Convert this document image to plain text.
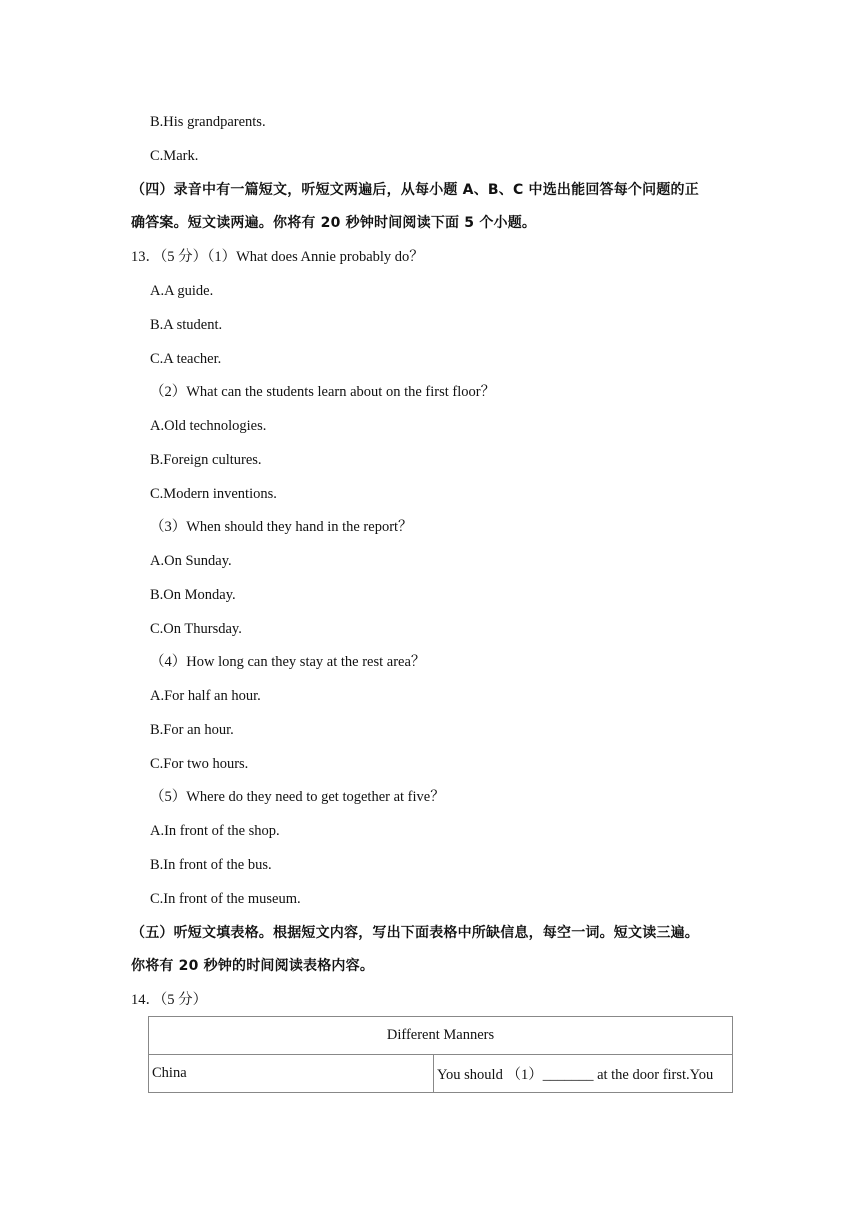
B.His grandparents.
C.Mark.
（四）录音中有一篇短文，听短文两遍后，从每小题 A、B、C 中选出能回答每个问题的正
确答案。短文读两遍。你将有 20 秒钟时间阅读下面 5 个小题。
13．（5 分）（1）What does Annie probably do？
A.A guide.
B.A student.
C.A teacher.
（2）What can the students learn about on the first floor？
A.Old technologies.
B.Foreign cultures.
C.Modern inventions.
（3）When should they hand in the report？
A.On Sunday.
B.On Monday.
C.On Thursday.
（4）How long can they stay at the rest area？
A.For half an hour.
B.For an hour.
C.For two hours.
（5）Where do they need to get together at five？
A.In front of the shop.
B.In front of the bus.
C.In front of the museum.
（五）听短文填表格。根据短文内容，写出下面表格中所缺信息，每空一词。短文读三遍。
你将有 20 秒钟的时间阅读表格内容。
14．（5 分）
Different Manners
China	You should （1）_______ at the door first.You
